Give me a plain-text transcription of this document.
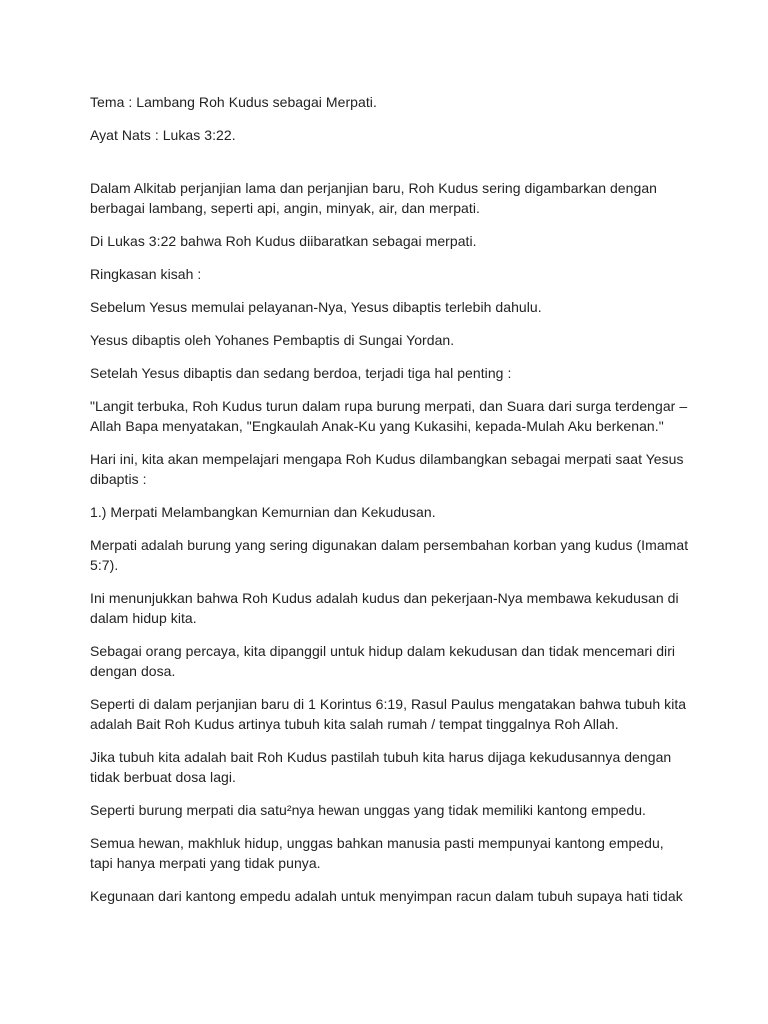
Tema : Lambang Roh Kudus sebagai Merpati.

Ayat Nats : Lukas 3:22.

Dalam Alkitab perjanjian lama dan perjanjian baru, Roh Kudus sering digambarkan dengan berbagai lambang, seperti api, angin, minyak, air, dan merpati.

Di Lukas 3:22 bahwa Roh Kudus diibaratkan sebagai merpati.

Ringkasan kisah :

Sebelum Yesus memulai pelayanan-Nya, Yesus dibaptis terlebih dahulu.

Yesus dibaptis oleh Yohanes Pembaptis di Sungai Yordan.

Setelah Yesus dibaptis dan sedang berdoa, terjadi tiga hal penting :

"Langit terbuka, Roh Kudus turun dalam rupa burung merpati, dan Suara dari surga terdengar – Allah Bapa menyatakan, "Engkaulah Anak-Ku yang Kukasihi, kepada-Mulah Aku berkenan."

Hari ini, kita akan mempelajari mengapa Roh Kudus dilambangkan sebagai merpati saat Yesus dibaptis :

1.) Merpati Melambangkan Kemurnian dan Kekudusan.

Merpati adalah burung yang sering digunakan dalam persembahan korban yang kudus (Imamat 5:7).

Ini menunjukkan bahwa Roh Kudus adalah kudus dan pekerjaan-Nya membawa kekudusan di dalam hidup kita.

Sebagai orang percaya, kita dipanggil untuk hidup dalam kekudusan dan tidak mencemari diri dengan dosa.

Seperti di dalam perjanjian baru di 1 Korintus 6:19, Rasul Paulus mengatakan bahwa tubuh kita adalah Bait Roh Kudus artinya tubuh kita salah rumah / tempat tinggalnya Roh Allah.

Jika tubuh kita adalah bait Roh Kudus pastilah tubuh kita harus dijaga kekudusannya dengan tidak berbuat dosa lagi.

Seperti burung merpati dia satu²nya hewan unggas yang tidak memiliki kantong empedu.

Semua hewan, makhluk hidup, unggas bahkan manusia pasti mempunyai kantong empedu, tapi hanya merpati yang tidak punya.

Kegunaan dari kantong empedu adalah untuk menyimpan racun dalam tubuh supaya hati tidak
